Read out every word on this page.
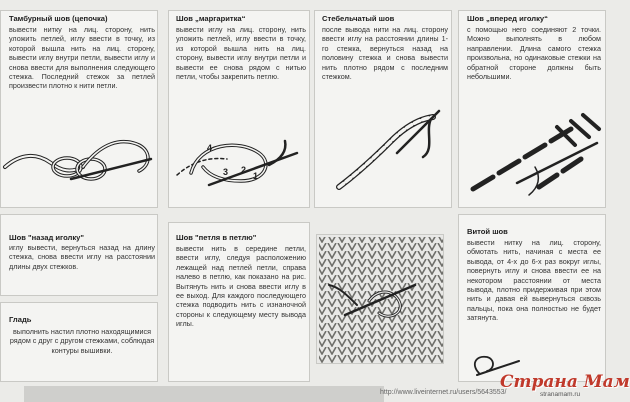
Тамбурный шов (цепочка)
вывести нитку на лиц. сторону, нить уложить петлей, иглу ввести в точку, из которой вышла нить на лиц. сторону, вывести иглу внутри петли, вывести иглу и снова ввести для выполнения следующего стежка. Последний стежок за петлей произвести плотно к нити петли.
Шов „маргаритка“
вывести иглу на лиц. сторону, нить уложить петлей, иглу ввести в точку, из которой вышла нить на лиц. сторону, вывести иглу внутри петли и вывести ее снова рядом с нитью петли, чтобы закрепить петлю.
4
3 2
1
Стебельчатый шов
после вывода нити на лиц. сторону ввести иглу на расстоянии длины 1-го стежка, вернуться назад на половину стежка и снова вывести нить плотно рядом с последним стежком.
Шов „вперед иголку“
с помощью него соединяют 2 точки. Можно выполнять в любом направлении. Длина самого стежка произвольна, но одинаковые стежки на обратной стороне должны быть небольшими.
Шов "назад иголку"
иглу вывести, вернуться назад на длину стежка, снова ввести иглу на расстоянии длины двух стежков.
Гладь
выполнить настил плотно находящимися рядом с друг с другом стежками, соблюдая контуры вышивки.
Шов "петля в петлю"
вывести нить в середине петли, ввести иглу, следуя расположению лежащей над петлей петли, справа налево в петлю, как показано на рис. Вытянуть нить и снова ввести иглу в ее выход. Для каждого последующего стежка подводить нить с изнаночной стороны к следующему месту вывода иглы.
Витой шов
вывести нитку на лиц. сторону, обмотать нить, начиная с места ее вывода, от 4-х до 6-х раз вокруг иглы, повернуть иглу и снова ввести ее на некотором расстоянии от места вывода, плотно придерживая при этом нить и давая ей вывернуться сквозь пальцы, пока она полностью не будет затянута.
http://www.liveinternet.ru/users/5643553/
Страна Мам
stranamam.ru
